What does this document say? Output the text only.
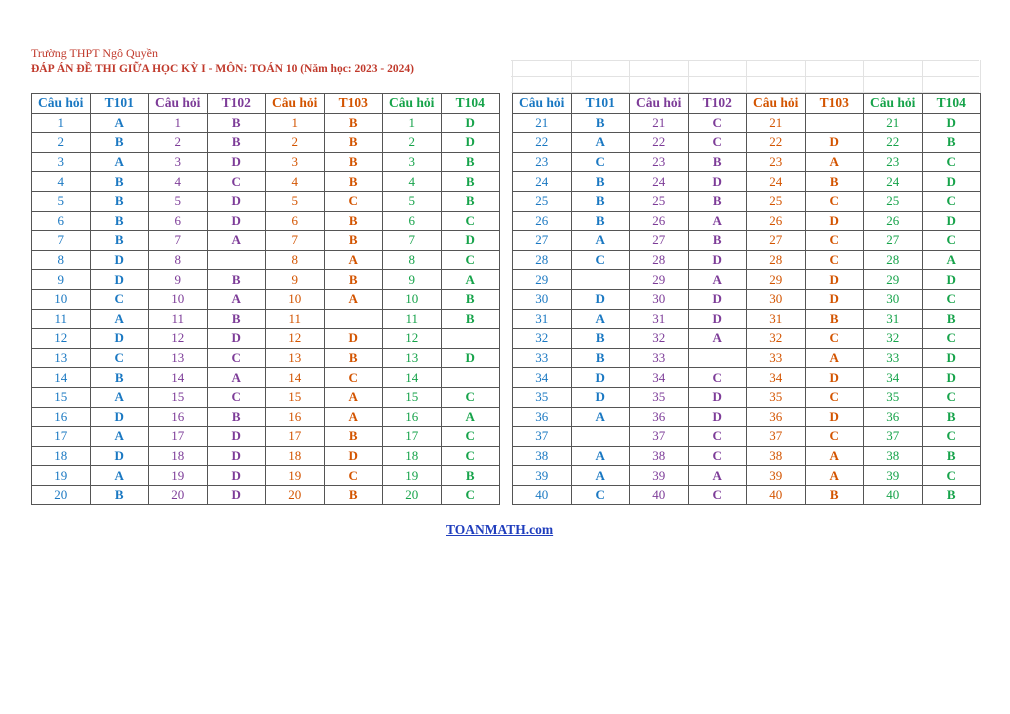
Trường THPT Ngô Quyền
ĐÁP ÁN ĐỀ THI GIỮA HỌC KỲ I - MÔN: TOÁN 10 (Năm học: 2023 - 2024)
Câu hỏi	T101	Câu hỏi	T102	Câu hỏi	T103	Câu hỏi	T104
1	A	1	B	1	B	1	D
2	B	2	B	2	B	2	D
3	A	3	D	3	B	3	B
4	B	4	C	4	B	4	B
5	B	5	D	5	C	5	B
6	B	6	D	6	B	6	C
7	B	7	A	7	B	7	D
8	D	8		8	A	8	C
9	D	9	B	9	B	9	A
10	C	10	A	10	A	10	B
11	A	11	B	11		11	B
12	D	12	D	12	D	12	
13	C	13	C	13	B	13	D
14	B	14	A	14	C	14	
15	A	15	C	15	A	15	C
16	D	16	B	16	A	16	A
17	A	17	D	17	B	17	C
18	D	18	D	18	D	18	C
19	A	19	D	19	C	19	B
20	B	20	D	20	B	20	C
Câu hỏi	T101	Câu hỏi	T102	Câu hỏi	T103	Câu hỏi	T104
21	B	21	C	21		21	D
22	A	22	C	22	D	22	B
23	C	23	B	23	A	23	C
24	B	24	D	24	B	24	D
25	B	25	B	25	C	25	C
26	B	26	A	26	D	26	D
27	A	27	B	27	C	27	C
28	C	28	D	28	C	28	A
29		29	A	29	D	29	D
30	D	30	D	30	D	30	C
31	A	31	D	31	B	31	B
32	B	32	A	32	C	32	C
33	B	33		33	A	33	D
34	D	34	C	34	D	34	D
35	D	35	D	35	C	35	C
36	A	36	D	36	D	36	B
37		37	C	37	C	37	C
38	A	38	C	38	A	38	B
39	A	39	A	39	A	39	C
40	C	40	C	40	B	40	B
TOANMATH.com
